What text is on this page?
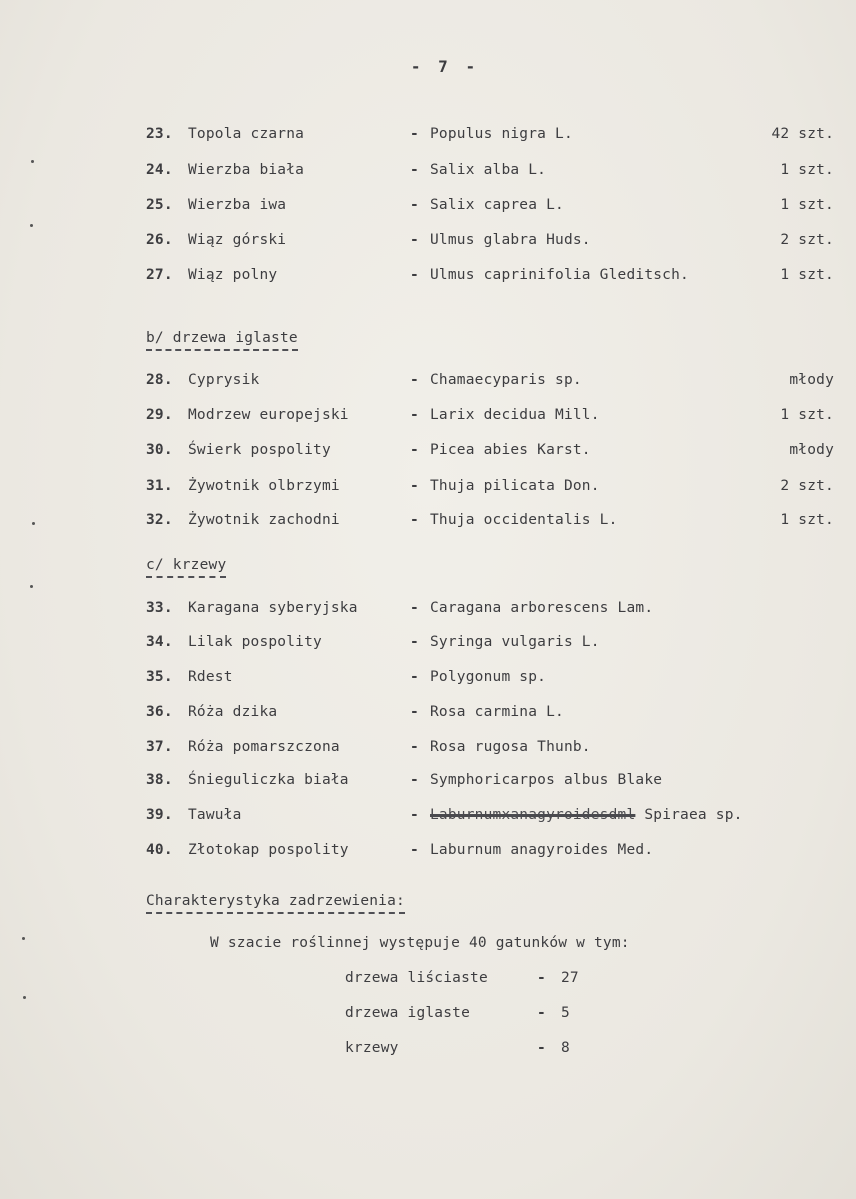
- 7 -
23. Topola czarna	- Populus nigra L.	42 szt.
24. Wierzba biała	- Salix alba L.	1 szt.
25. Wierzba iwa	- Salix caprea L.	1 szt.
26. Wiąz górski	- Ulmus glabra Huds.	2 szt.
27. Wiąz polny	- Ulmus caprinifolia Gleditsch.	1 szt.
b/ drzewa iglaste
28. Cyprysik	- Chamaecyparis sp.	młody
29. Modrzew europejski	- Larix decidua Mill.	1 szt.
30. Świerk pospolity	- Picea abies Karst.	młody
31. Żywotnik olbrzymi	- Thuja pilicata Don.	2 szt.
32. Żywotnik zachodni	- Thuja occidentalis L.	1 szt.
c/ krzewy
33. Karagana syberyjska	- Caragana arborescens Lam.
34. Lilak pospolity	- Syringa vulgaris L.
35. Rdest	- Polygonum sp.
36. Róża dzika	- Rosa carmina L.
37. Róża pomarszczona	- Rosa rugosa Thunb.
38. Śnieguliczka biała	- Symphoricarpos albus Blake
39. Tawuła	- Laburnumxanagyroidesdml Spiraea sp.
40. Złotokap pospolity	- Laburnum anagyroides Med.
Charakterystyka zadrzewienia:
W szacie roślinnej występuje 40 gatunków w tym:
drzewa liściaste	- 27
drzewa iglaste	- 5
krzewy	- 8
